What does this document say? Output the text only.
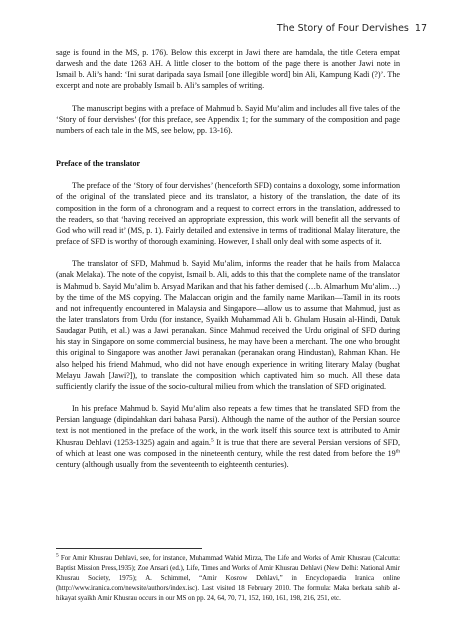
The Story of Four Dervishes 17

sage is found in the MS, p. 176). Below this excerpt in Jawi there are hamdala, the title Cetera empat darwesh and the date 1263 AH. A little closer to the bottom of the page there is another Jawi note in Ismail b. Ali’s hand: ‘Ini surat daripada saya Ismail [one illegible word] bin Ali, Kampung Kadi (?)’. The excerpt and note are probably Ismail b. Ali’s samples of writing.

The manuscript begins with a preface of Mahmud b. Sayid Mu’alim and includes all five tales of the ‘Story of four dervishes’ (for this preface, see Appendix 1; for the summary of the composition and page numbers of each tale in the MS, see below, pp. 13-16).

Preface of the translator

The preface of the ‘Story of four dervishes’ (henceforth SFD) contains a doxology, some information of the original of the translated piece and its translator, a history of the translation, the date of its composition in the form of a chronogram and a request to correct errors in the translation, addressed to the readers, so that ‘having received an appropriate expression, this work will benefit all the servants of God who will read it’ (MS, p. 1). Fairly detailed and extensive in terms of traditional Malay literature, the preface of SFD is worthy of thorough examining. However, I shall only deal with some aspects of it.

The translator of SFD, Mahmud b. Sayid Mu’alim, informs the reader that he hails from Malacca (anak Melaka). The note of the copyist, Ismail b. Ali, adds to this that the complete name of the translator is Mahmud b. Sayid Mu’alim b. Arsyad Marikan and that his father demised (…b. Almarhum Mu’alim…) by the time of the MS copying. The Malaccan origin and the family name Marikan—Tamil in its roots and not infrequently encountered in Malaysia and Singapore—allow us to assume that Mahmud, just as the later translators from Urdu (for instance, Syaikh Muhammad Ali b. Ghulam Husain al-Hindi, Datuk Saudagar Putih, et al.) was a Jawi peranakan. Since Mahmud received the Urdu original of SFD during his stay in Singapore on some commercial business, he may have been a merchant. The one who brought this original to Singapore was another Jawi peranakan (peranakan orang Hindustan), Rahman Khan. He also helped his friend Mahmud, who did not have enough experience in writing literary Malay (bughat Melayu Jawah [Jawi?]), to translate the composition which captivated him so much. All these data sufficiently clarify the issue of the socio-cultural milieu from which the translation of SFD originated.

In his preface Mahmud b. Sayid Mu’alim also repeats a few times that he translated SFD from the Persian language (dipindahkan dari bahasa Parsi). Although the name of the author of the Persian source text is not mentioned in the preface of the work, in the work itself this source text is attributed to Amir Khusrau Dehlavi (1253-1325) again and again.$^5$ It is true that there are several Persian versions of SFD, of which at least one was composed in the nineteenth century, while the rest dated from before the 19th century (although usually from the seventeenth to eighteenth centuries).

$^5$ For Amir Khusrau Dehlavi, see, for instance, Muhammad Wahid Mirza, The Life and Works of Amir Khusrau (Calcutta: Baptist Mission Press,1935); Zoe Ansari (ed.), Life, Times and Works of Amir Khusrau Dehlavi (New Delhi: National Amir Khusrau Society, 1975); A. Schimmel, “Amir Kosrow Dehlavi,” in Encyclopaedia Iranica online (http://www.iranica.com/newsite/authors/index.isc). Last visited 18 February 2010. The formula: Maka berkata sahib al-hikayat syaikh Amir Khusrau occurs in our MS on pp. 24, 64, 70, 71, 152, 160, 161, 198, 216, 251, etc.
